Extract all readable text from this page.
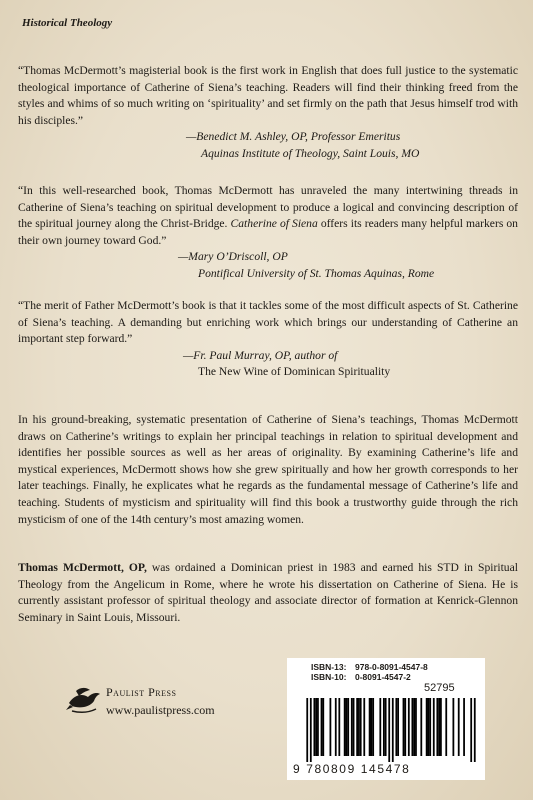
Historical Theology

“Thomas McDermott’s magisterial book is the first work in English that does full justice to the systematic theological importance of Catherine of Siena’s teaching. Readers will find their thinking freed from the styles and whims of so much writing on ‘spirituality’ and set firmly on the path that Jesus himself trod with his disciples.”

—Benedict M. Ashley, OP, Professor Emeritus
Aquinas Institute of Theology, Saint Louis, MO

“In this well-researched book, Thomas McDermott has unraveled the many intertwining threads in Catherine of Siena’s teaching on spiritual development to produce a logical and convincing description of the spiritual journey along the Christ-Bridge. Catherine of Siena offers its readers many helpful markers on their own journey toward God.”

—Mary O’Driscoll, OP
Pontifical University of St. Thomas Aquinas, Rome

“The merit of Father McDermott’s book is that it tackles some of the most difficult aspects of St. Catherine of Siena’s teaching. A demanding but enriching work which brings our understanding of Catherine an important step forward.”

—Fr. Paul Murray, OP, author of
The New Wine of Dominican Spirituality

In his ground-breaking, systematic presentation of Catherine of Siena’s teachings, Thomas McDermott draws on Catherine’s writings to explain her principal teachings in relation to spiritual development and identifies her possible sources as well as her areas of originality. By examining Catherine’s life and mystical experiences, McDermott shows how she grew spiritually and how her growth corresponds to her later teachings. Finally, he explicates what he regards as the fundamental message of Catherine’s life and teaching. Students of mysticism and spirituality will find this book a trustworthy guide through the rich mysticism of one of the 14th century’s most amazing women.

Thomas McDermott, OP, was ordained a Dominican priest in 1983 and earned his STD in Spiritual Theology from the Angelicum in Rome, where he wrote his dissertation on Catherine of Siena. He is currently assistant professor of spiritual theology and associate director of formation at Kenrick-Glennon Seminary in Saint Louis, Missouri.

Paulist Press
www.paulistpress.com
ISBN-13: 978-0-8091-4547-8
ISBN-10: 0-8091-4547-2
52795
9 780809 145478
